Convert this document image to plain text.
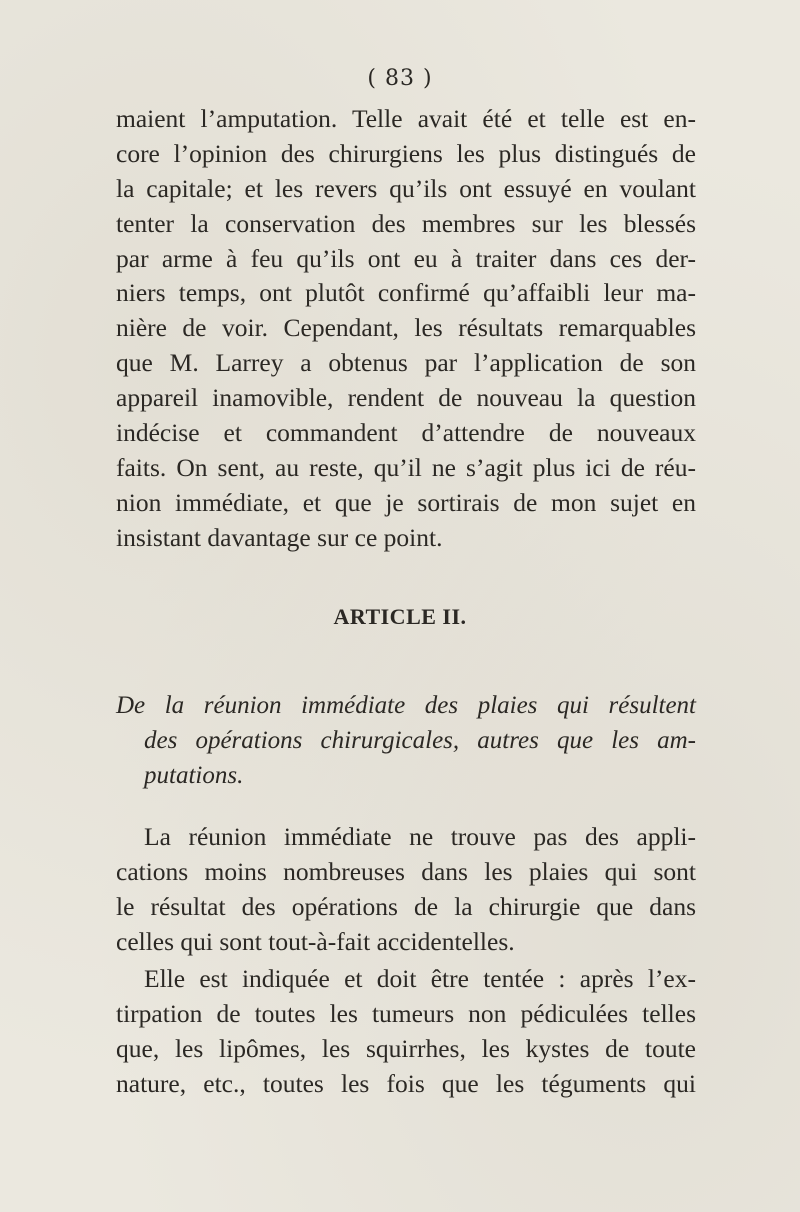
( 83 )
maient l’amputation. Telle avait été et telle est en-
core l’opinion des chirurgiens les plus distingués de
la capitale; et les revers qu’ils ont essuyé en voulant
tenter la conservation des membres sur les blessés
par arme à feu qu’ils ont eu à traiter dans ces der-
niers temps, ont plutôt confirmé qu’affaibli leur ma-
nière de voir. Cependant, les résultats remarquables
que M. Larrey a obtenus par l’application de son
appareil inamovible, rendent de nouveau la question
indécise et commandent d’attendre de nouveaux
faits. On sent, au reste, qu’il ne s’agit plus ici de réu-
nion immédiate, et que je sortirais de mon sujet en
insistant davantage sur ce point.
ARTICLE II.
De la réunion immédiate des plaies qui résultent
des opérations chirurgicales, autres que les am-
putations.
La réunion immédiate ne trouve pas des appli-
cations moins nombreuses dans les plaies qui sont
le résultat des opérations de la chirurgie que dans
celles qui sont tout-à-fait accidentelles.
Elle est indiquée et doit être tentée : après l’ex-
tirpation de toutes les tumeurs non pédiculées telles
que, les lipômes, les squirrhes, les kystes de toute
nature, etc., toutes les fois que les téguments qui
